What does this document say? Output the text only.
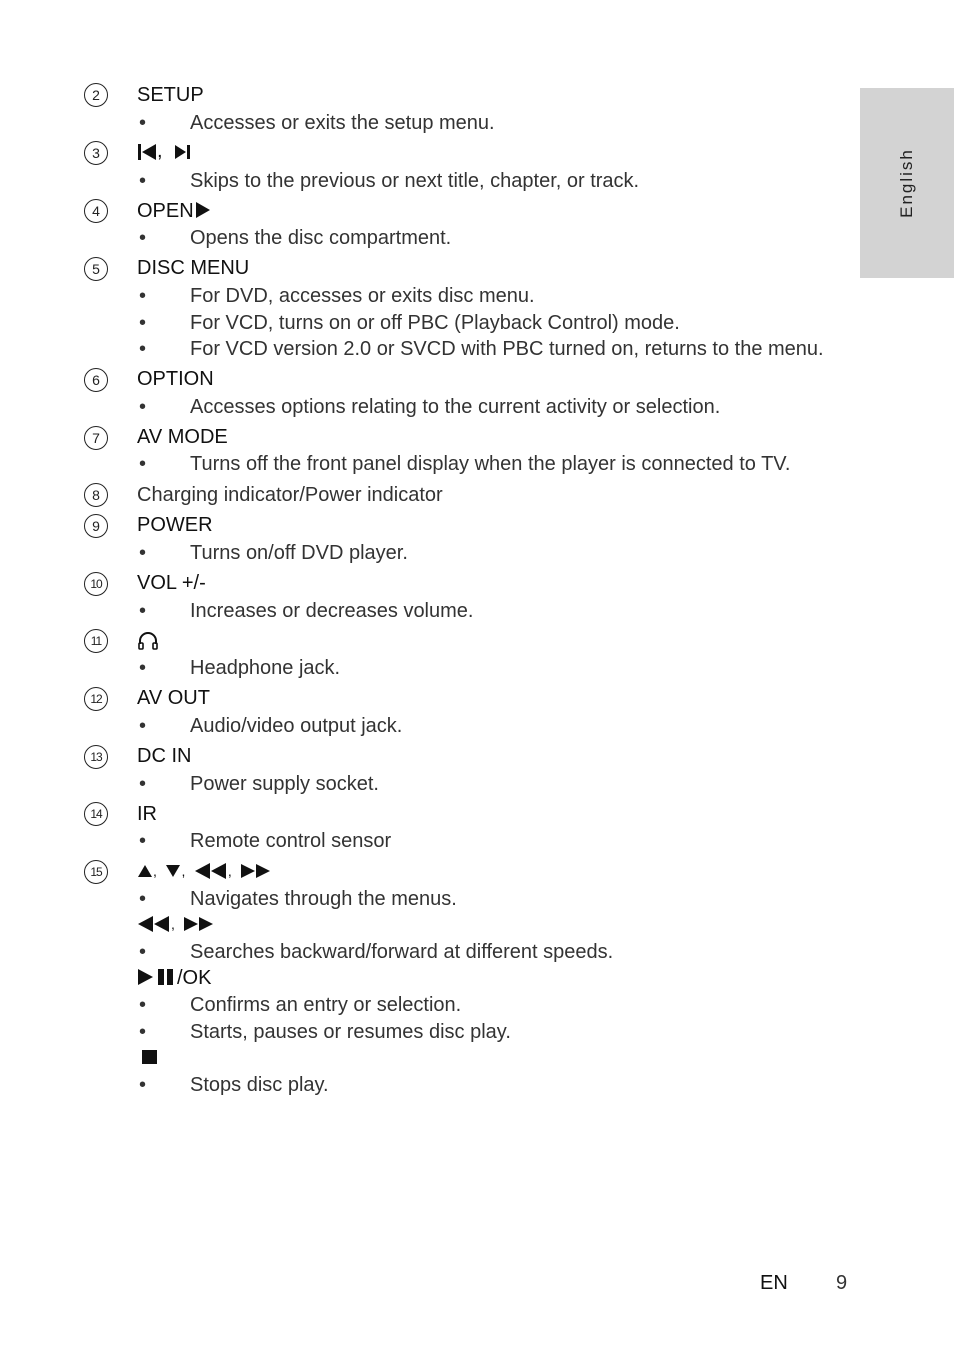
English
2	SETUP
• Accesses or exits the setup menu.
3	,
• Skips to the previous or next title, chapter, or track.
4	OPEN
• Opens the disc compartment.
5	DISC MENU
• For DVD, accesses or exits disc menu.
• For VCD, turns on or off PBC (Playback Control) mode.
• For VCD version 2.0 or SVCD with PBC turned on, returns to the menu.
6	OPTION
• Accesses options relating to the current activity or selection.
7	AV MODE
• Turns off the front panel display when the player is connected to TV.
8	Charging indicator/Power indicator
9	POWER
• Turns on/off DVD player.
10	VOL +/-
• Increases or decreases volume.
11
• Headphone jack.
12	AV OUT
• Audio/video output jack.
13	DC IN
• Power supply socket.
14	IR
• Remote control sensor
15	, ,	,
• Navigates through the menus.
,
• Searches backward/forward at different speeds.
/OK
• Confirms an entry or selection.
• Starts, pauses or resumes disc play.
• Stops disc play.
EN 9
